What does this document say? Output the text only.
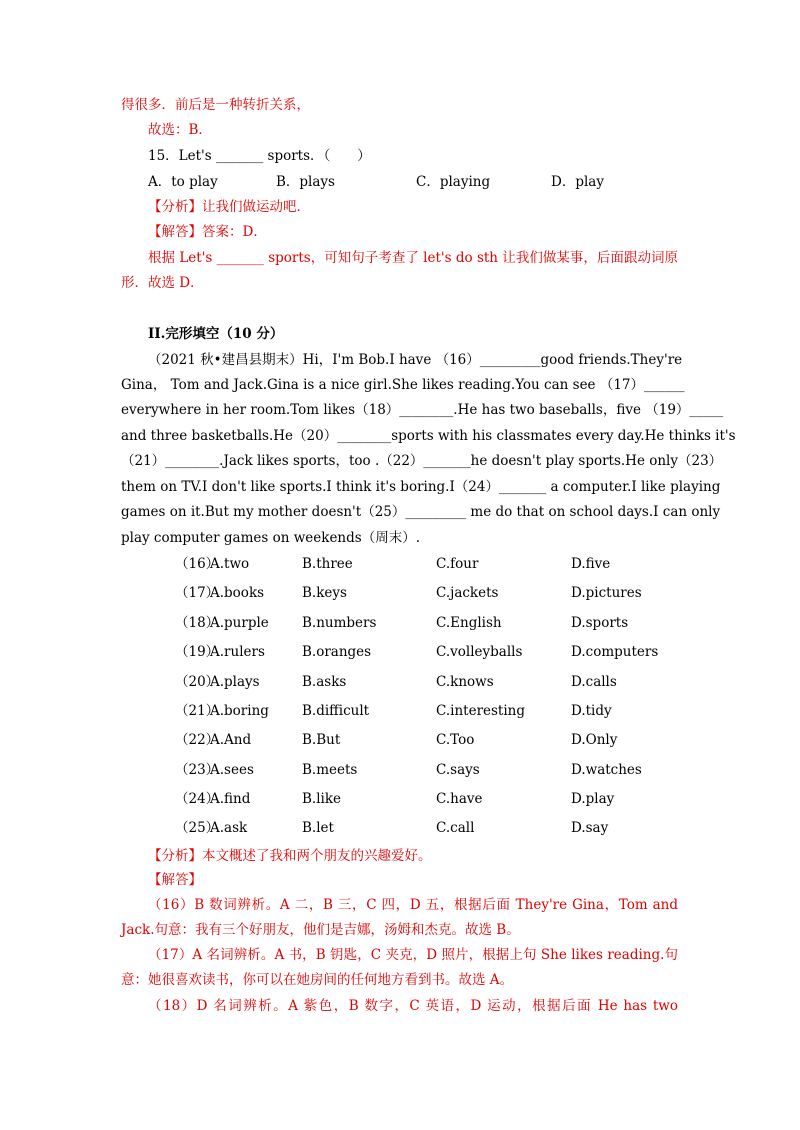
得很多．前后是一种转折关系，
故选：B．
15．Let's _______ sports．（　　）
A．to play	B．plays	C．playing	D．play
【分析】让我们做运动吧．
【解答】答案：D．
根据 Let's _______ sports，可知句子考查了 let's do sth 让我们做某事，后面跟动词原
形．故选 D．
II.完形填空（10 分）
（2021 秋•建昌县期末）Hi，I'm Bob.I have （16）_________good friends.They're
Gina， Tom and Jack.Gina is a nice girl.She likes reading.You can see （17）______
everywhere in her room.Tom likes（18）________.He has two baseballs，five （19）_____
and three basketballs.He（20）________sports with his classmates every day.He thinks it's
（21）________.Jack likes sports，too .（22）_______he doesn't play sports.He only（23）
them on TV.I don't like sports.I think it's boring.I（24）_______ a computer.I like playing
games on it.But my mother doesn't（25）_________ me do that on school days.I can only
play computer games on weekends（周末）.
（16）
A.two	B.three	C.four	D.five
（17）
A.books	B.keys	C.jackets	D.pictures
（18）
A.purple B.numbers	C.English	D.sports
（19）
A.rulers	B.oranges	C.volleyballs	D.computers
（20）
A.plays	B.asks	C.knows	D.calls
（21）
A.boring B.difficult	C.interesting	D.tidy
（22）
A.And	B.But	C.Too	D.Only
（23）
A.sees	B.meets	C.says	D.watches
（24）
A.find	B.like	C.have	D.play
（25）
A.ask	B.let	C.call	D.say
【分析】本文概述了我和两个朋友的兴趣爱好。
【解答】
（16）B 数词辨析。A 二，B 三，C 四，D 五，根据后面 They're Gina，Tom and
Jack.句意：我有三个好朋友，他们是吉娜，汤姆和杰克。故选 B。
（17）A 名词辨析。A 书，B 钥匙，C 夹克，D 照片，根据上句 She likes reading.句
意：她很喜欢读书，你可以在她房间的任何地方看到书。故选 A。
（18）D 名词辨析。A 紫色，B 数字，C 英语，D 运动，根据后面 He has two
